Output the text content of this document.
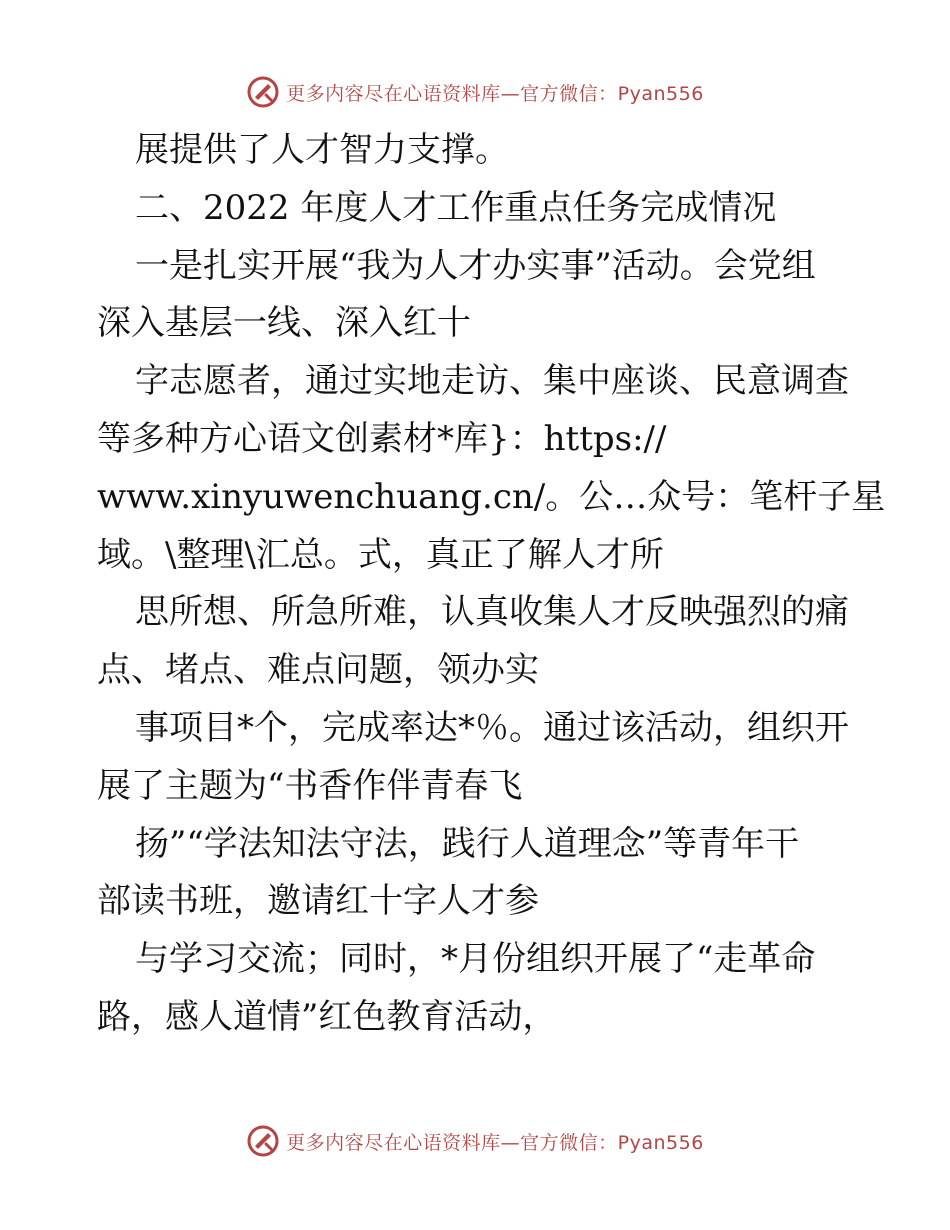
更多内容尽在心语资料库—官方微信：Pyan556

展提供了人才智力支撑。

二、2022 年度人才工作重点任务完成情况

一是扎实开展“我为人才办实事”活动。会党组

深入基层一线、深入红十

字志愿者，通过实地走访、集中座谈、民意调查

等多种方心语文创素材*库}：https://

www.xinyuwenchuang.cn/。公…众号：笔杆子星

域。\整理\汇总。式，真正了解人才所

思所想、所急所难，认真收集人才反映强烈的痛

点、堵点、难点问题，领办实

事项目*个，完成率达*％。通过该活动，组织开

展了主题为“书香作伴青春飞

扬”“学法知法守法，践行人道理念”等青年干

部读书班，邀请红十字人才参

与学习交流；同时，*月份组织开展了“走革命

路，感人道情”红色教育活动，

更多内容尽在心语资料库—官方微信：Pyan556
